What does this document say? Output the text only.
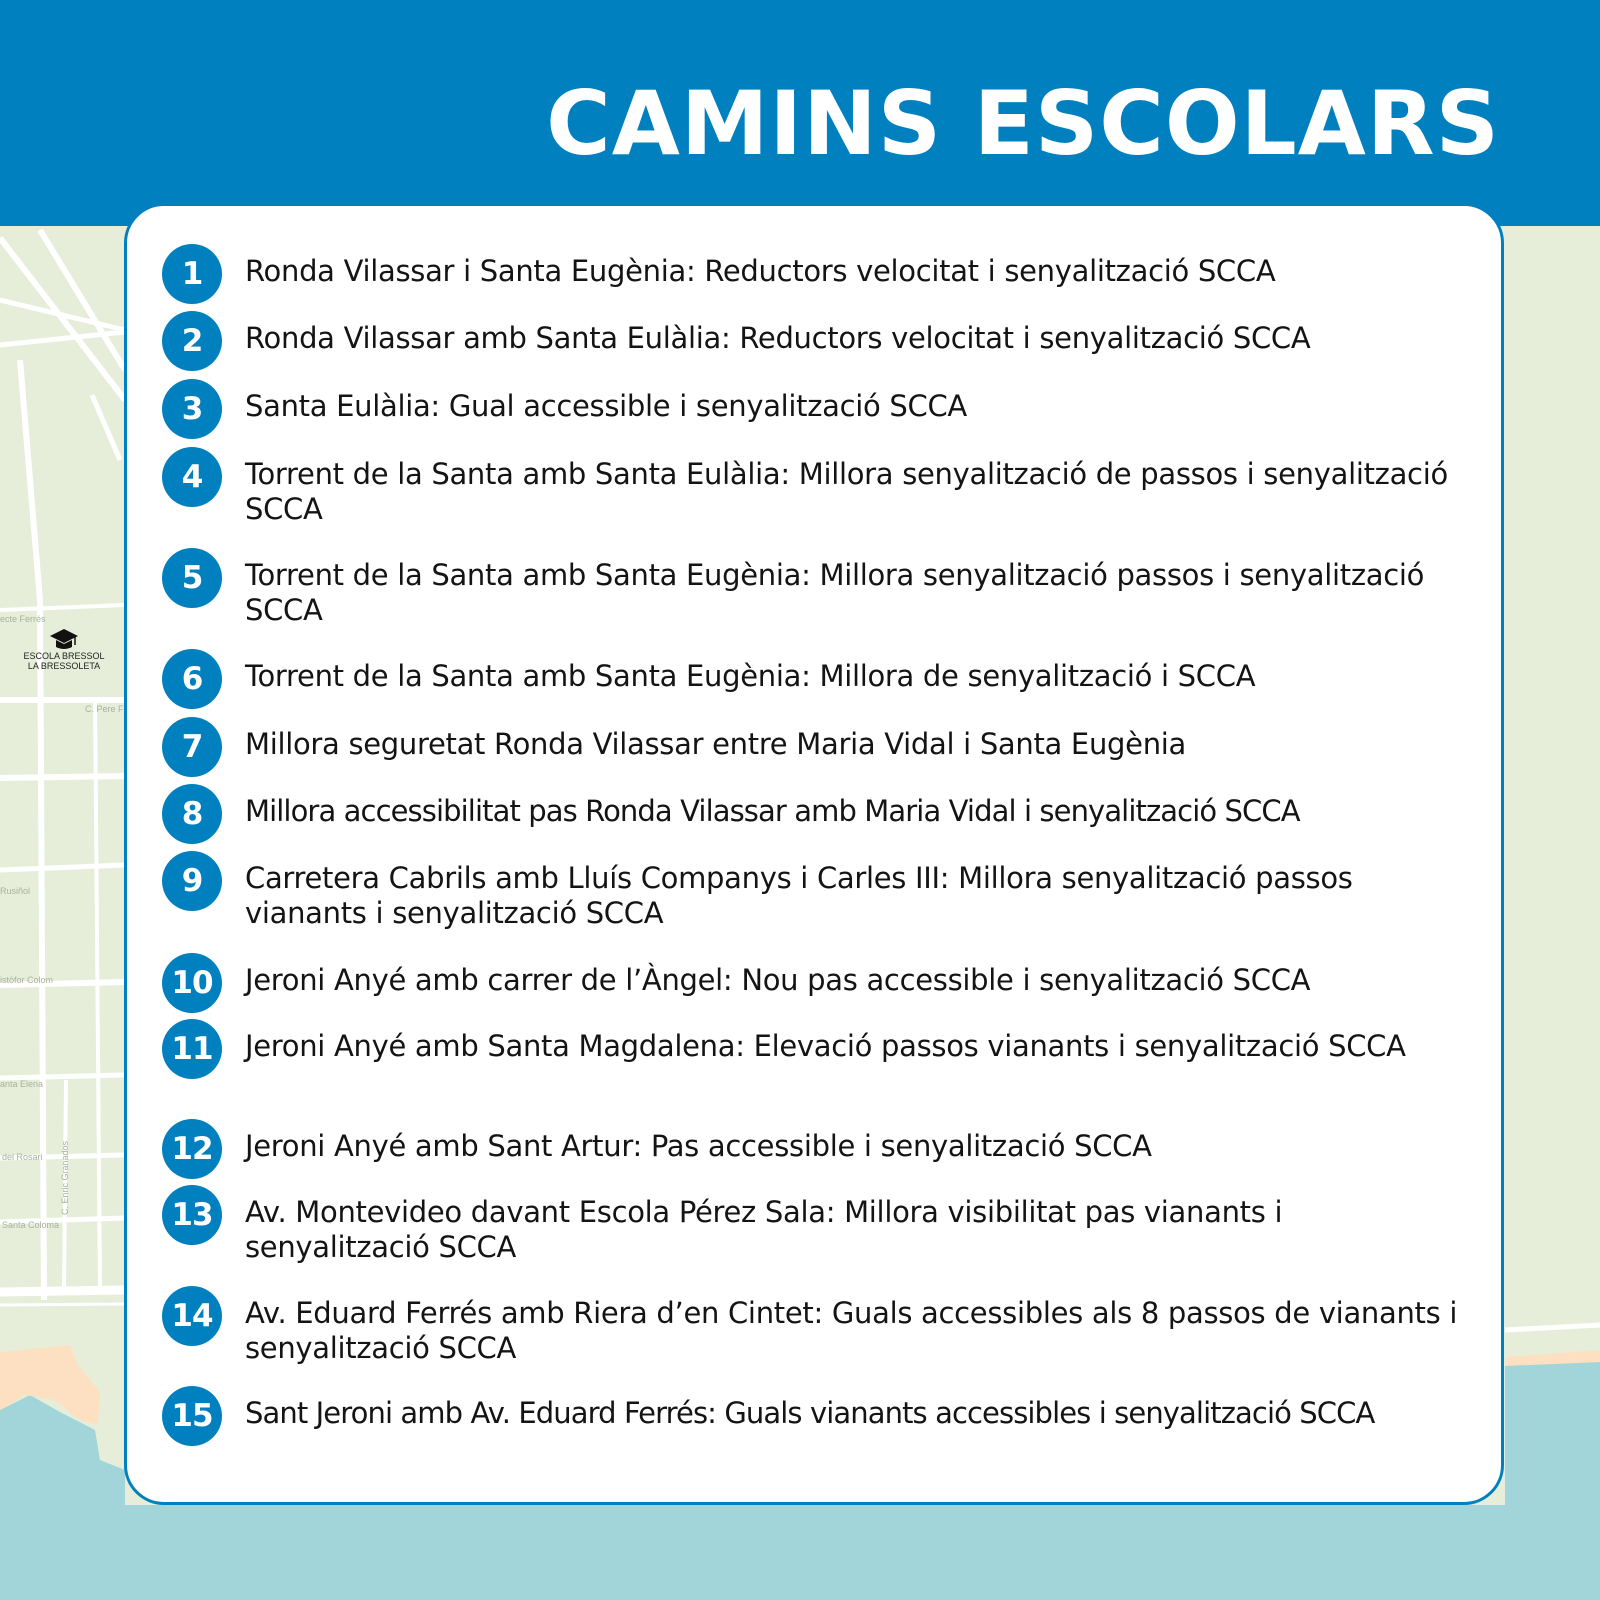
ESCOLA BRESSOL
LA BRESSOLETA
ecte Ferrés
C. Pere F
Rusiñol
istòfor Colom
anta Elena
del Rosari C. Enric Granados
Santa Coloma
CAMINS ESCOLARS
1	Ronda Vilassar i Santa Eugènia: Reductors velocitat i senyalització SCCA
2	Ronda Vilassar amb Santa Eulàlia: Reductors velocitat i senyalització SCCA
3	Santa Eulàlia: Gual accessible i senyalització SCCA
4	Torrent de la Santa amb Santa Eulàlia: Millora senyalització de passos i senyalització SCCA
5	Torrent de la Santa amb Santa Eugènia: Millora senyalització passos i senyalització SCCA
6	Torrent de la Santa amb Santa Eugènia: Millora de senyalització i SCCA
7	Millora seguretat Ronda Vilassar entre Maria Vidal i Santa Eugènia
8	Millora accessibilitat pas Ronda Vilassar amb Maria Vidal i senyalització SCCA
9	Carretera Cabrils amb Lluís Companys i Carles III: Millora senyalització passos vianants i senyalització SCCA
10	Jeroni Anyé amb carrer de l’Àngel: Nou pas accessible i senyalització SCCA
11	Jeroni Anyé amb Santa Magdalena: Elevació passos vianants i senyalització SCCA
12	Jeroni Anyé amb Sant Artur: Pas accessible i senyalització SCCA
13	Av. Montevideo davant Escola Pérez Sala: Millora visibilitat pas vianants i senyalització SCCA
14	Av. Eduard Ferrés amb Riera d’en Cintet: Guals accessibles als 8 passos de vianants i senyalització SCCA
15	Sant Jeroni amb Av. Eduard Ferrés: Guals vianants accessibles i senyalització SCCA
